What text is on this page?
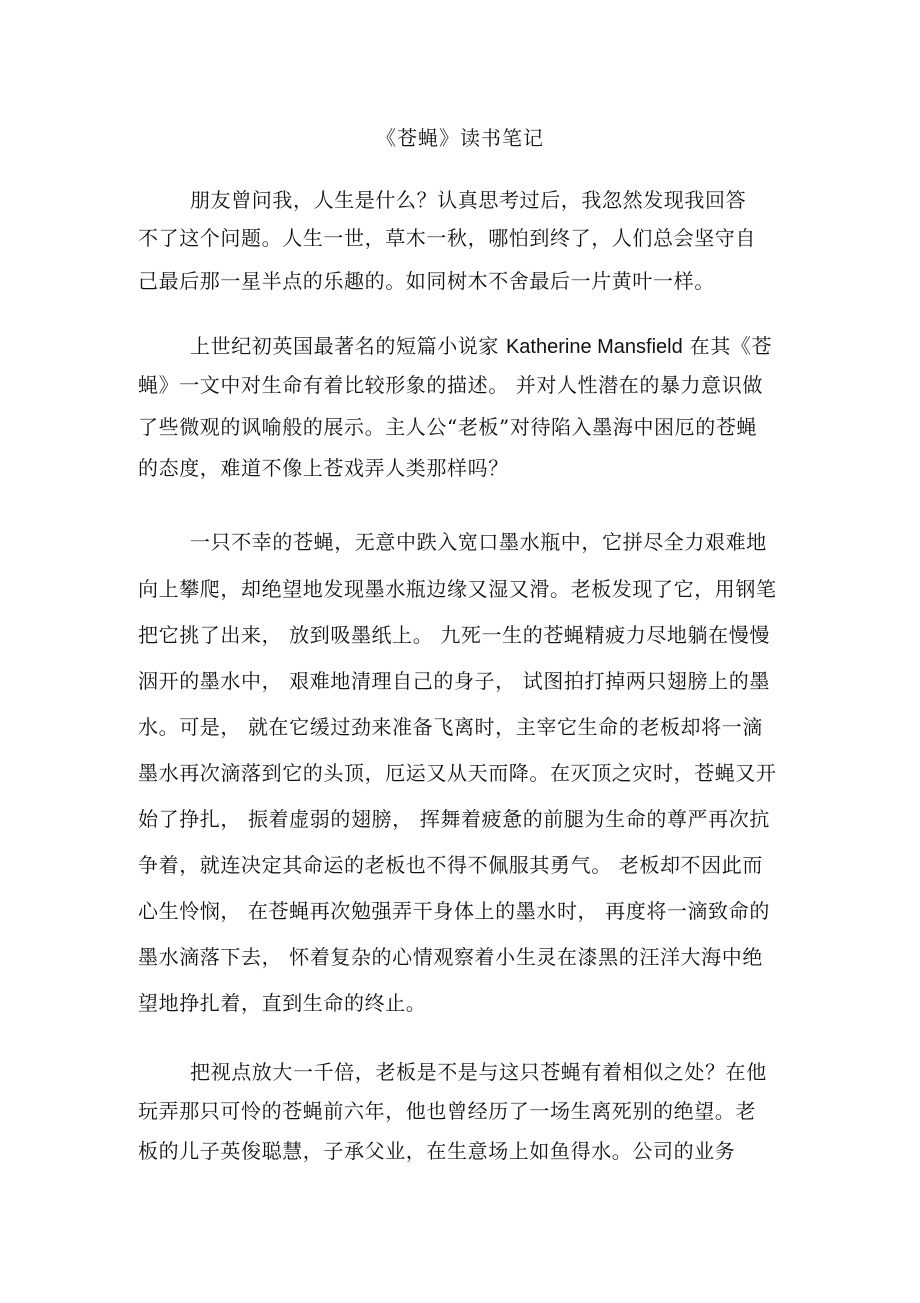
《苍蝇》读书笔记
朋友曾问我，人生是什么？认真思考过后，我忽然发现我回答
不了这个问题。人生一世，草木一秋，哪怕到终了，人们总会坚守自
己最后那一星半点的乐趣的。如同树木不舍最后一片黄叶一样。
上世纪初英国最著名的短篇小说家 Katherine Mansfield 在其《苍
蝇》一文中对生命有着比较形象的描述。 并对人性潜在的暴力意识做
了些微观的讽喻般的展示。主人公“老板”对待陷入墨海中困厄的苍蝇
的态度，难道不像上苍戏弄人类那样吗？
一只不幸的苍蝇，无意中跌入宽口墨水瓶中，它拼尽全力艰难地
向上攀爬，却绝望地发现墨水瓶边缘又湿又滑。老板发现了它，用钢笔
把它挑了出来， 放到吸墨纸上。 九死一生的苍蝇精疲力尽地躺在慢慢
洇开的墨水中， 艰难地清理自己的身子， 试图拍打掉两只翅膀上的墨
水。可是， 就在它缓过劲来准备飞离时，主宰它生命的老板却将一滴
墨水再次滴落到它的头顶，厄运又从天而降。在灭顶之灾时，苍蝇又开
始了挣扎， 振着虚弱的翅膀， 挥舞着疲惫的前腿为生命的尊严再次抗
争着，就连决定其命运的老板也不得不佩服其勇气。 老板却不因此而
心生怜悯， 在苍蝇再次勉强弄干身体上的墨水时， 再度将一滴致命的
墨水滴落下去， 怀着复杂的心情观察着小生灵在漆黑的汪洋大海中绝
望地挣扎着，直到生命的终止。
把视点放大一千倍，老板是不是与这只苍蝇有着相似之处？在他
玩弄那只可怜的苍蝇前六年，他也曾经历了一场生离死别的绝望。老
板的儿子英俊聪慧，子承父业，在生意场上如鱼得水。公司的业务
